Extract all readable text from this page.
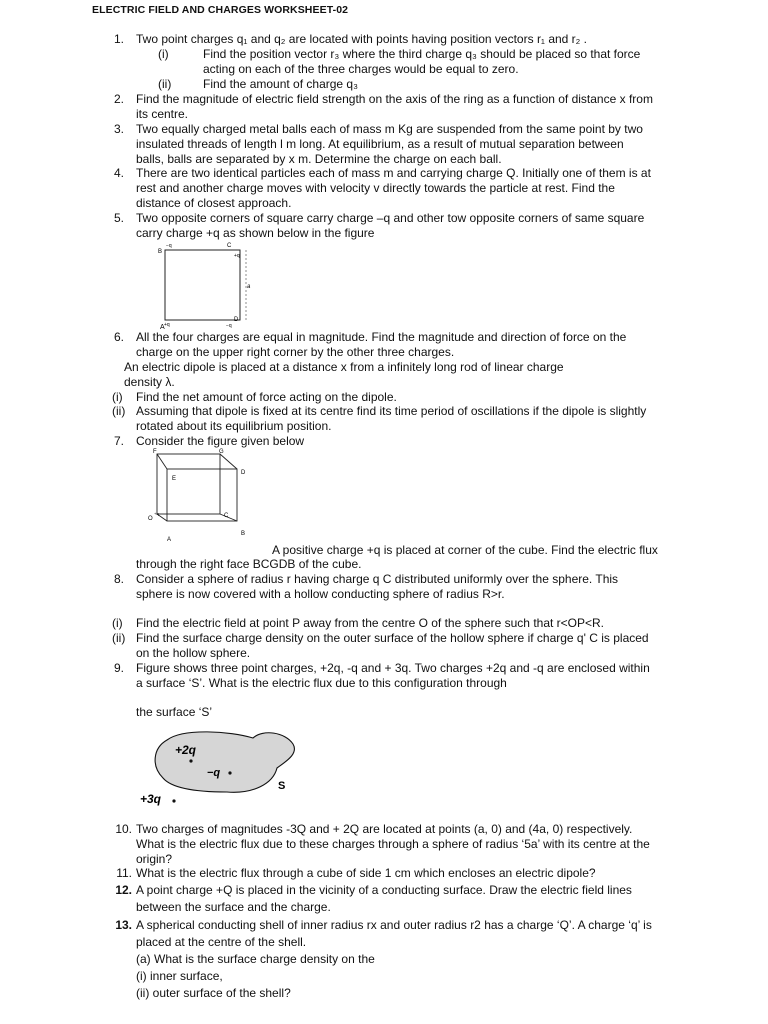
ELECTRIC FIELD AND CHARGES WORKSHEET-02
1. Two point charges q₁ and q₂ are located with points having position vectors r₁ and r₂ .
(i)	Find the position vector r₃ where the third charge q₃ should be placed so that force
acting on each of the three charges would be equal to zero.
(ii)	Find the amount of charge q₃
2. Find the magnitude of electric field strength on the axis of the ring as a function of distance x from
its centre.
3. Two equally charged metal balls each of mass m Kg are suspended from the same point by two
insulated threads of length l m long. At equilibrium, as a result of mutual separation between
balls, balls are separated by x m. Determine the charge on each ball.
4. There are two identical particles each of mass m and carrying charge Q. Initially one of them is at
rest and another charge moves with velocity v directly towards the particle at rest. Find the
distance of closest approach.
5. Two opposite corners of square carry charge –q and other tow opposite corners of same square
carry charge +q as shown below in the figure
B
C
A
D
−q
+q
+q	−q
a
6. All the four charges are equal in magnitude. Find the magnitude and direction of force on the
charge on the upper right corner by the other three charges.
An electric dipole is placed at a distance x from a infinitely long rod of linear charge
density λ.
(i) Find the net amount of force acting on the dipole.
(ii) Assuming that dipole is fixed at its centre find its time period of oscillations if the dipole is slightly
rotated about its equilibrium position.
7. Consider the figure given below
F	G
D
E
O
+q	C
A
B
A positive charge +q is placed at corner of the cube. Find the electric flux
through the right face BCGDB of the cube.
8. Consider a sphere of radius r having charge q C distributed uniformly over the sphere. This
sphere is now covered with a hollow conducting sphere of radius R>r.
(i) Find the electric field at point P away from the centre O of the sphere such that r<OP<R.
(ii) Find the surface charge density on the outer surface of the hollow sphere if charge q' C is placed
on the hollow sphere.
9. Figure shows three point charges, +2q, -q and + 3q. Two charges +2q and -q are enclosed within
a surface ‘S’. What is the electric flux due to this configuration through
the surface ‘S’
+2q
−q
S
+3q
10. Two charges of magnitudes -3Q and + 2Q are located at points (a, 0) and (4a, 0) respectively.
What is the electric flux due to these charges through a sphere of radius ‘5a’ with its centre at the
origin?
11. What is the electric flux through a cube of side 1 cm which encloses an electric dipole?
12. A point charge +Q is placed in the vicinity of a conducting surface. Draw the electric field lines
between the surface and the charge.
13. A spherical conducting shell of inner radius rx and outer radius r2 has a charge ‘Q’. A charge ‘q’ is
placed at the centre of the shell.
(a) What is the surface charge density on the
(i) inner surface,
(ii) outer surface of the shell?
